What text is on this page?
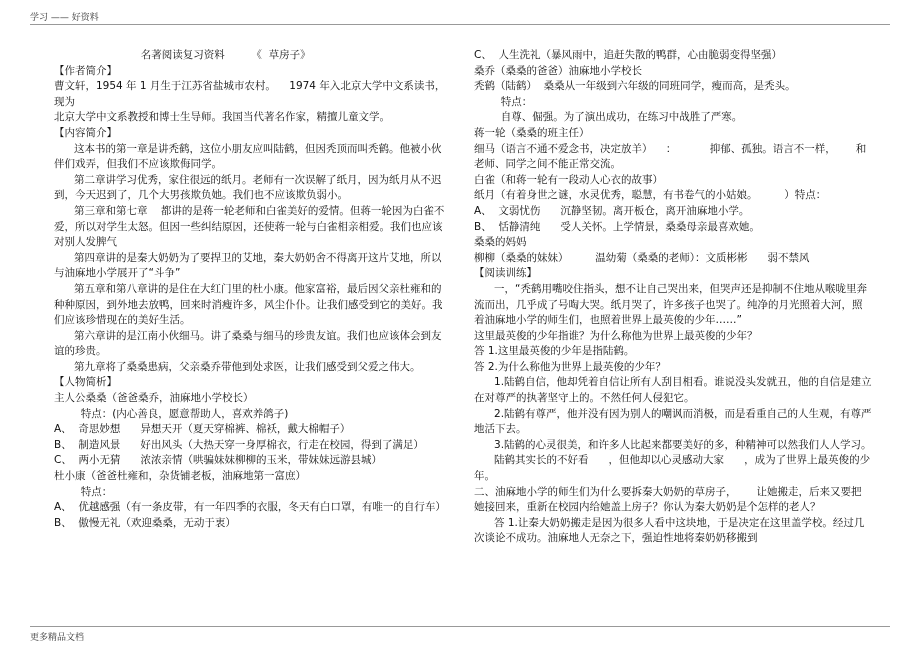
学习 —— 好资料

名著阅读复习资料        《  草房子》

【作者简介】

曹文轩，1954 年 1 月生于江苏省盐城市农村。    1974 年入北京大学中文系读书，现为

北京大学中文系教授和博士生导师。我国当代著名作家，精擅儿童文学。

【内容简介】

这本书的第一章是讲秃鹤，这位小朋友应叫陆鹤，但因秃顶而叫秃鹤。他被小伙伴们戏弄，但我们不应该欺侮同学。

第二章讲学习优秀，家住很远的纸月。老师有一次误解了纸月，因为纸月从不迟到，今天迟到了，几个大男孩欺负她。我们也不应该欺负弱小。

第三章和第七章    都讲的是蒋一轮老师和白雀美好的爱情。但蒋一轮因为白雀不爱，所以对学生太怒。但因一些纠结原因，还使蒋一轮与白雀相亲相爱。我们也应该对别人发脾气

第四章讲的是秦大奶奶为了要捍卫的艾地，秦大奶奶舍不得离开这片艾地，所以与油麻地小学展开了“斗争”

第五章和第八章讲的是住在大红门里的杜小康。他家富裕，最后因父亲杜雍和的种种原因，到外地去放鸭，回来时消瘦许多，风尘仆仆。让我们感受到它的美好。我们应该珍惜现在的美好生活。

第六章讲的是江南小伙细马。讲了桑桑与细马的珍贵友谊。我们也应该体会到友谊的珍贵。

第九章将了桑桑患病，父亲桑乔带他到处求医，让我们感受到父爱之伟大。

【人物简析】

主人公桑桑（爸爸桑乔，油麻地小学校长）

特点：(内心善良，愿意帮助人，喜欢养鸽子)

A、  奇思妙想      异想天开（夏天穿棉裤、棉袄，戴大棉帽子）

B、  制造风景      好出风头（大热天穿一身厚棉衣，行走在校园，得到了满足）

C、  两小无猜      浓浓亲情（哄骗妹妹柳柳的玉米，带妹妹远游县城）

杜小康（爸爸杜雍和，杂货铺老板，油麻地第一富庶）

特点：

A、  优越感强（有一条皮带，有一年四季的衣服，冬天有白口罩，有唯一的自行车）

B、  傲慢无礼（欢迎桑桑，无动于衷）

C、  人生洗礼（暴风雨中，追赶失散的鸭群，心由脆弱变得坚强）

桑乔（桑桑的爸爸）油麻地小学校长

秃鹤（陆鹤）  桑桑从一年级到六年级的同班同学，瘦而高，是秃头。

特点：

自尊、倔强。为了演出成功，在练习中战胜了严寒。

蒋一轮（桑桑的班主任）

细马（语言不通不爱念书，决定放羊）    ：          抑郁、孤独。语言不一样，      和老师、同学之间不能正常交流。

白雀（和蒋一轮有一段动人心衣的故事）

纸月（有着身世之谜，水灵优秀，聪慧，有书卷气的小姑娘。        ）特点：

A、  文弱忧伤      沉静坚韧。离开板仓，离开油麻地小学。

B、  恬静清纯      受人关怀。上学情景，桑桑母亲最喜欢她。

桑桑的妈妈

柳柳（桑桑的妹妹）        温幼菊（桑桑的老师）：文质彬彬      弱不禁风

【阅读训练】

一，“秃鹤用嘴咬住指头，想不让自己哭出来，但哭声还是抑制不住地从喉咙里奔流而出，几乎成了号啕大哭。纸月哭了，许多孩子也哭了。纯净的月光照着大河，照着油麻地小学的师生们，也照着世界上最英俊的少年……”

这里最英俊的少年指谁？为什么称他为世界上最英俊的少年？

答 1.这里最英俊的少年是指陆鹤。

答 2.为什么称他为世界上最英俊的少年？

1.陆鹤自信，他却凭着自信让所有人刮目相看。谁说没头发就丑，他的自信是建立在对尊严的执著坚守上的。不然任何人侵犯它。

2.陆鹤有尊严，他并没有因为别人的嘲讽而消极，而是看重自己的人生观，有尊严地活下去。

3.陆鹤的心灵很美，和许多人比起来都要美好的多，种精神可以然我们人人学习。

陆鹤其实长的不好看      ，但他却以心灵感动大家      ，成为了世界上最英俊的少年。

二、油麻地小学的师生们为什么要拆秦大奶奶的草房子，      让她搬走，后来又要把她接回来，重新在校园内给她盖上房子？你认为秦大奶奶是个怎样的老人？

答 1.让秦大奶奶搬走是因为很多人看中这块地，于是决定在这里盖学校。经过几次谈论不成功。油麻地人无奈之下，强迫性地将秦奶奶移搬到

更多精品文档
